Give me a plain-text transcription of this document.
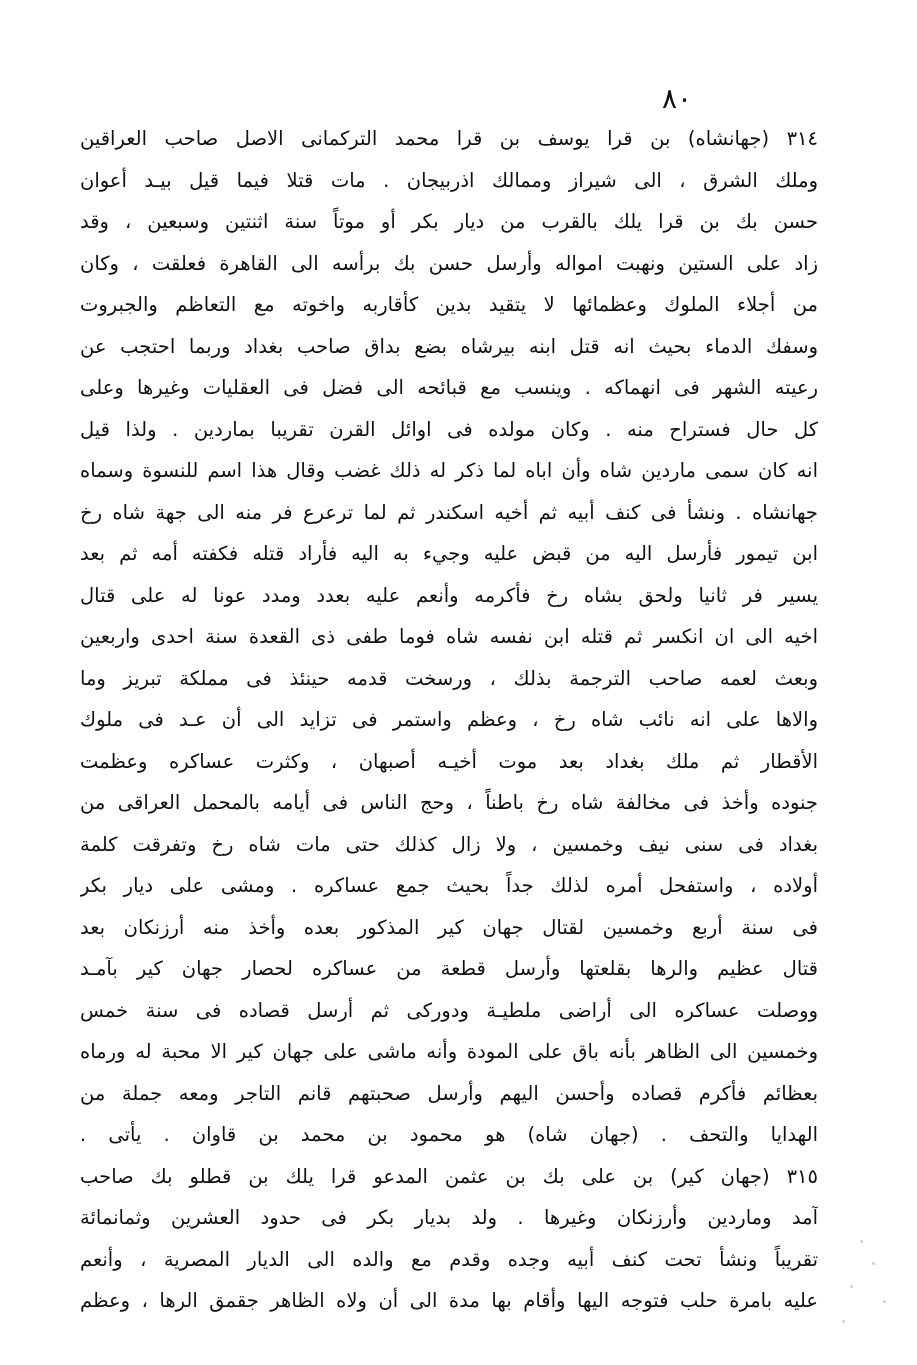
٨٠
٣١٤ (جهانشاه) بن قرا يوسف بن قرا محمد التركمانى الاصل صاحب العراقين
وملك الشرق ، الى شيراز وممالك اذربيجان . مات قتلا فيما قيل بيـد أعوان
حسن بك بن قرا يلك بالقرب من ديار بكر أو موتاً سنة اثنتين وسبعين ، وقد
زاد على الستين ونهبت امواله وأرسل حسن بك برأسه الى القاهرة فعلقت ، وكان
من أجلاء الملوك وعظمائها لا يتقيد بدين كأقاربه واخوته مع التعاظم والجبروت
وسفك الدماء بحيث انه قتل ابنه بيرشاه بضع بداق صاحب بغداد وربما احتجب عن
رعيته الشهر فى انهماكه . وينسب مع قبائحه الى فضل فى العقليات وغيرها وعلى
كل حال فستراح منه . وكان مولده فى اوائل القرن تقريبا بماردين . ولذا قيل
انه كان سمى ماردين شاه وأن اباه لما ذكر له ذلك غضب وقال هذا اسم للنسوة وسماه
جهانشاه . ونشأ فى كنف أبيه ثم أخيه اسكندر ثم لما ترعرع فر منه الى جهة شاه رخ
ابن تيمور فأرسل اليه من قبض عليه وجيء به اليه فأراد قتله فكفته أمه ثم بعد
يسير فر ثانيا ولحق بشاه رخ فأكرمه وأنعم عليه بعدد ومدد عونا له على قتال
اخيه الى ان انكسر ثم قتله ابن نفسه شاه فوما طفى ذى القعدة سنة احدى واربعين
وبعث لعمه صاحب الترجمة بذلك ، ورسخت قدمه حينئذ فى مملكة تبريز وما
والاها على انه نائب شاه رخ ، وعظم واستمر فى تزايد الى أن عـد فى ملوك
الأقطار ثم ملك بغداد بعد موت أخيـه أصبهان ، وكثرت عساكره وعظمت
جنوده وأخذ فى مخالفة شاه رخ باطناً ، وحج الناس فى أيامه بالمحمل العراقى من
بغداد فى سنى نيف وخمسين ، ولا زال كذلك حتى مات شاه رخ وتفرقت كلمة
أولاده ، واستفحل أمره لذلك جداً بحيث جمع عساكره . ومشى على ديار بكر
فى سنة أربع وخمسين لقتال جهان كير المذكور بعده وأخذ منه أرزنكان بعد
قتال عظيم والرها بقلعتها وأرسل قطعة من عساكره لحصار جهان كير بآمـد
ووصلت عساكره الى أراضى ملطيـة ودوركى ثم أرسل قصاده فى سنة خمس
وخمسين الى الظاهر بأنه باق على المودة وأنه ماشى على جهان كير الا محبة له ورماه
بعظائم فأكرم قصاده وأحسن اليهم وأرسل صحبتهم قانم التاجر ومعه جملة من
الهدايا والتحف . (جهان شاه) هو محمود بن محمد بن قاوان . يأتى .
٣١٥ (جهان كير) بن على بك بن عثمن المدعو قرا يلك بن قطلو بك صاحب
آمد وماردين وأرزنكان وغيرها . ولد بديار بكر فى حدود العشرين وثمانمائة
تقريباً ونشأ تحت كنف أبيه وجده وقدم مع والده الى الديار المصرية ، وأنعم
عليه بامرة حلب فتوجه اليها وأقام بها مدة الى أن ولاه الظاهر جقمق الرها ، وعظم
